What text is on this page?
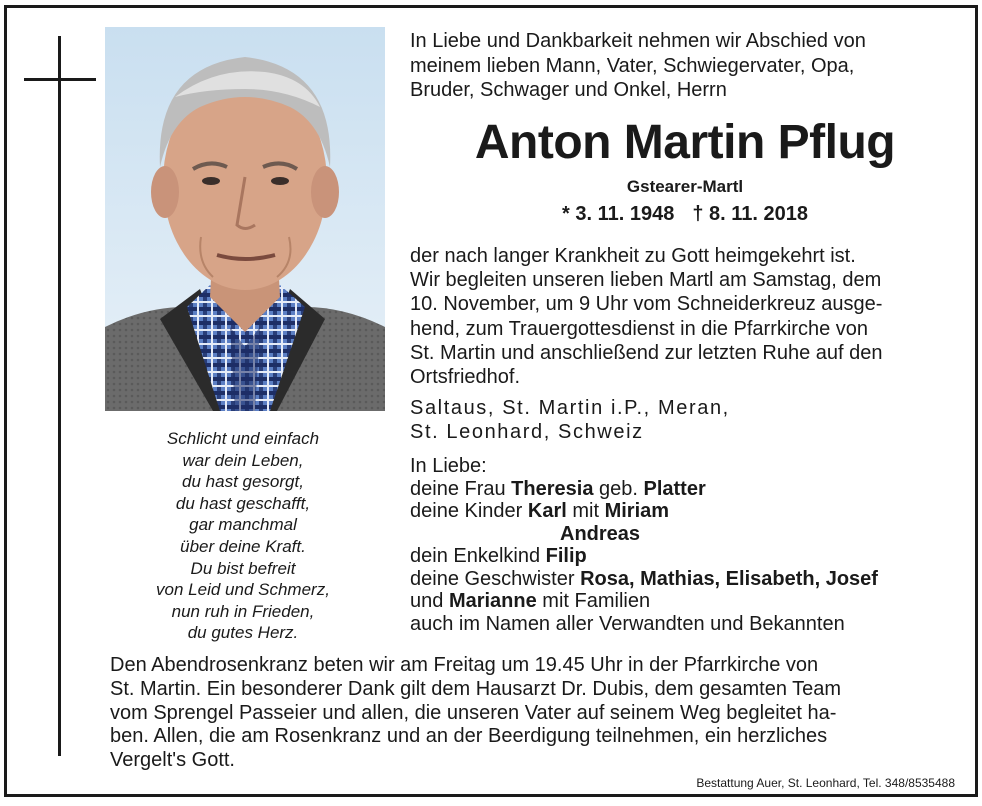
Schlicht und einfach
war dein Leben,
du hast gesorgt,
du hast geschafft,
gar manchmal
über deine Kraft.
Du bist befreit
von Leid und Schmerz,
nun ruh in Frieden,
du gutes Herz.
In Liebe und Dankbarkeit nehmen wir Abschied von
meinem lieben Mann, Vater, Schwiegervater, Opa,
Bruder, Schwager und Onkel, Herrn
Anton Martin Pflug
Gstearer-Martl
* 3. 11. 1948 † 8. 11. 2018
der nach langer Krankheit zu Gott heimgekehrt ist.
Wir begleiten unseren lieben Martl am Samstag, dem
10. November, um 9 Uhr vom Schneiderkreuz ausge-
hend, zum Trauergottesdienst in die Pfarrkirche von
St. Martin und anschließend zur letzten Ruhe auf den
Ortsfriedhof.
Saltaus, St. Martin i.P., Meran,
St. Leonhard, Schweiz
In Liebe:
deine Frau Theresia geb. Platter
deine Kinder Karl mit Miriam
Andreas
dein Enkelkind Filip
deine Geschwister Rosa, Mathias, Elisabeth, Josef
und Marianne mit Familien
auch im Namen aller Verwandten und Bekannten
Den Abendrosenkranz beten wir am Freitag um 19.45 Uhr in der Pfarrkirche von
St. Martin. Ein besonderer Dank gilt dem Hausarzt Dr. Dubis, dem gesamten Team
vom Sprengel Passeier und allen, die unseren Vater auf seinem Weg begleitet ha-
ben. Allen, die am Rosenkranz und an der Beerdigung teilnehmen, ein herzliches
Vergelt's Gott.
Bestattung Auer, St. Leonhard, Tel. 348/8535488
